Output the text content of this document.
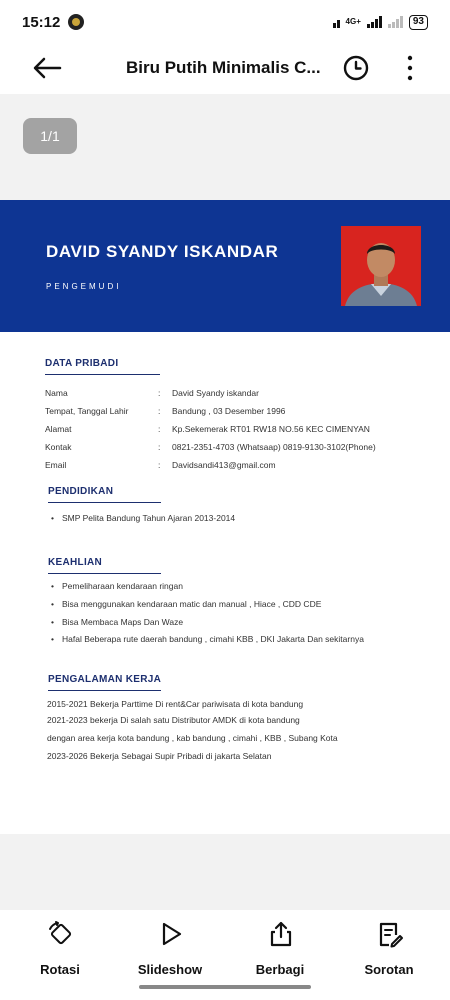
15:12	4G+	93
Biru Putih Minimalis C...
1/1
DAVID SYANDY ISKANDAR
PENGEMUDI
DATA PRIBADI
Nama	: David Syandy iskandar
Tempat, Tanggal Lahir	: Bandung , 03 Desember 1996
Alamat	: Kp.Sekemerak RT01 RW18 NO.56 KEC CIMENYAN
Kontak	: 0821-2351-4703 (Whatsaap) 0819-9130-3102(Phone)
Email	: Davidsandi413@gmail.com
PENDIDIKAN
• SMP Pelita Bandung Tahun Ajaran 2013-2014
KEAHLIAN
• Pemeliharaan kendaraan ringan
• Bisa menggunakan kendaraan matic dan manual , Hiace , CDD CDE
• Bisa Membaca Maps Dan Waze
• Hafal Beberapa rute daerah bandung , cimahi KBB , DKI Jakarta Dan sekitarnya
PENGALAMAN KERJA
2015-2021 Bekerja Parttime Di rent&Car pariwisata di kota bandung
2021-2023 bekerja Di salah satu Distributor AMDK di kota bandung
dengan area kerja kota bandung , kab bandung , cimahi , KBB , Subang Kota
2023-2026 Bekerja Sebagai Supir Pribadi di jakarta Selatan
Rotasi	Slideshow	Berbagi	Sorotan
